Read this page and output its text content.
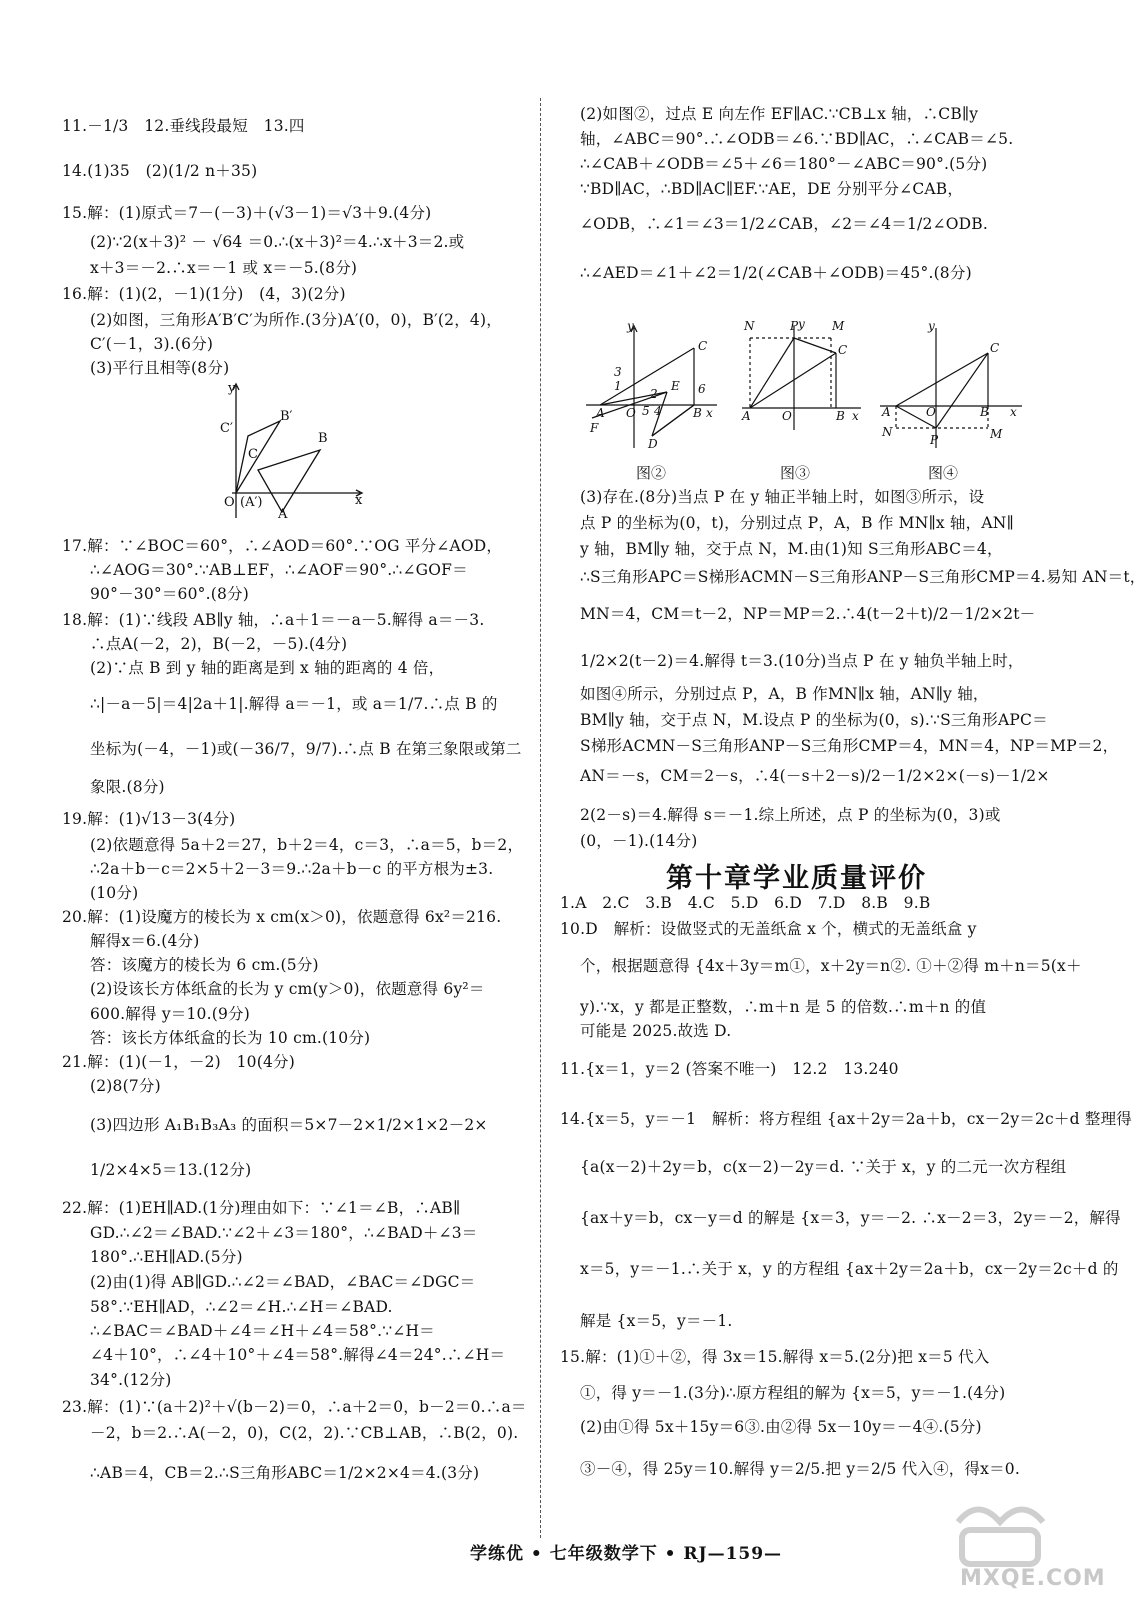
11.－1/3　12.垂线段最短　13.四
14.(1)35　(2)(1/2 n＋35)
15.解：(1)原式＝7－(－3)＋(√3－1)＝√3＋9.(4分)
(2)∵2(x＋3)² － √64 ＝0.∴(x＋3)²＝4.∴x＋3＝2.或
x＋3＝－2.∴x＝－1 或 x＝－5.(8分)
16.解：(1)(2，－1)(1分)　(4，3)(2分)
(2)如图，三角形A′B′C′为所作.(3分)A′(0，0)，B′(2，4)，
C′(－1，3).(6分)
(3)平行且相等(8分)
y
x
O (A′)
A
B
B′
C
C′
17.解：∵∠BOC＝60°，∴∠AOD＝60°.∵OG 平分∠AOD，
∴∠AOG＝30°.∵AB⊥EF，∴∠AOF＝90°.∴∠GOF＝
90°－30°＝60°.(8分)
18.解：(1)∵线段 AB∥y 轴，∴a＋1＝－a－5.解得 a＝－3.
∴点A(－2，2)，B(－2，－5).(4分)
(2)∵点 B 到 y 轴的距离是到 x 轴的距离的 4 倍，
∴|－a－5|＝4|2a＋1|.解得 a＝－1，或 a＝1/7.∴点 B 的
坐标为(－4，－1)或(－36/7，9/7).∴点 B 在第三象限或第二
象限.(8分)
19.解：(1)√13－3(4分)
(2)依题意得 5a＋2＝27，b＋2＝4，c＝3，∴a＝5，b＝2，
∴2a＋b－c＝2×5＋2－3＝9.∴2a＋b－c 的平方根为±3.
(10分)
20.解：(1)设魔方的棱长为 x cm(x＞0)，依题意得 6x²＝216.
解得x＝6.(4分)
答：该魔方的棱长为 6 cm.(5分)
(2)设该长方体纸盒的长为 y cm(y＞0)，依题意得 6y²＝
600.解得 y＝10.(9分)
答：该长方体纸盒的长为 10 cm.(10分)
21.解：(1)(－1，－2)　10(4分)
(2)8(7分)
(3)四边形 A₁B₁B₃A₃ 的面积＝5×7－2×1/2×1×2－2×
1/2×4×5＝13.(12分)
22.解：(1)EH∥AD.(1分)理由如下：∵∠1＝∠B，∴AB∥
GD.∴∠2＝∠BAD.∵∠2＋∠3＝180°，∴∠BAD＋∠3＝
180°.∴EH∥AD.(5分)
(2)由(1)得 AB∥GD.∴∠2＝∠BAD，∠BAC＝∠DGC＝
58°.∵EH∥AD，∴∠2＝∠H.∴∠H＝∠BAD.
∴∠BAC＝∠BAD＋∠4＝∠H＋∠4＝58°.∵∠H＝
∠4＋10°，∴∠4＋10°＋∠4＝58°.解得∠4＝24°.∴∠H＝
34°.(12分)
23.解：(1)∵(a＋2)²＋√(b－2)＝0，∴a＋2＝0，b－2＝0.∴a＝
－2，b＝2.∴A(－2，0)，C(2，2).∵CB⊥AB，∴B(2，0).
∴AB＝4，CB＝2.∴S三角形ABC＝1/2×2×4＝4.(3分)
(2)如图②，过点 E 向左作 EF∥AC.∵CB⊥x 轴，∴CB∥y
轴，∠ABC＝90°.∴∠ODB＝∠6.∵BD∥AC，∴∠CAB＝∠5.
∴∠CAB＋∠ODB＝∠5＋∠6＝180°－∠ABC＝90°.(5分)
∵BD∥AC，∴BD∥AC∥EF.∵AE，DE 分别平分∠CAB，
∠ODB，∴∠1＝∠3＝1/2∠CAB，∠2＝∠4＝1/2∠ODB.
∴∠AED＝∠1＋∠2＝1/2(∠CAB＋∠ODB)＝45°.(8分)
y
C
3
1	E
2
4
5
6
A O	B x
F
D
N	P	M
y
C
A	O	B x
y
C
A	O	B x
N
P	M
图②	图③	图④
(3)存在.(8分)当点 P 在 y 轴正半轴上时，如图③所示，设
点 P 的坐标为(0，t)，分别过点 P，A，B 作 MN∥x 轴，AN∥
y 轴，BM∥y 轴，交于点 N，M.由(1)知 S三角形ABC＝4，
∴S三角形APC＝S梯形ACMN－S三角形ANP－S三角形CMP＝4.易知 AN＝t，
MN＝4，CM＝t－2，NP＝MP＝2.∴4(t－2＋t)/2－1/2×2t－
1/2×2(t－2)＝4.解得 t＝3.(10分)当点 P 在 y 轴负半轴上时，
如图④所示，分别过点 P，A，B 作MN∥x 轴，AN∥y 轴，
BM∥y 轴，交于点 N，M.设点 P 的坐标为(0，s).∵S三角形APC＝
S梯形ACMN－S三角形ANP－S三角形CMP＝4，MN＝4，NP＝MP＝2，
AN＝－s，CM＝2－s，∴4(－s＋2－s)/2－1/2×2×(－s)－1/2×
2(2－s)＝4.解得 s＝－1.综上所述，点 P 的坐标为(0，3)或
(0，－1).(14分)
第十章学业质量评价
1.A　2.C　3.B　4.C　5.D　6.D　7.D　8.B　9.B
10.D　解析：设做竖式的无盖纸盒 x 个，横式的无盖纸盒 y
个，根据题意得 {4x＋3y＝m①，x＋2y＝n②. ①＋②得 m＋n＝5(x＋
y).∵x，y 都是正整数，∴m＋n 是 5 的倍数.∴m＋n 的值
可能是 2025.故选 D.
11.{x＝1，y＝2 (答案不唯一)　12.2　13.240
14.{x＝5，y＝－1　解析：将方程组 {ax＋2y＝2a＋b，cx－2y＝2c＋d 整理得
{a(x－2)＋2y＝b，c(x－2)－2y＝d. ∵关于 x，y 的二元一次方程组
{ax＋y＝b，cx－y＝d 的解是 {x＝3，y＝－2. ∴x－2＝3，2y＝－2，解得
x＝5，y＝－1.∴关于 x，y 的方程组 {ax＋2y＝2a＋b，cx－2y＝2c＋d 的
解是 {x＝5，y＝－1.
15.解：(1)①＋②，得 3x＝15.解得 x＝5.(2分)把 x＝5 代入
①，得 y＝－1.(3分)∴原方程组的解为 {x＝5，y＝－1.(4分)
(2)由①得 5x＋15y＝6③.由②得 5x－10y＝－4④.(5分)
③－④，得 25y＝10.解得 y＝2/5.把 y＝2/5 代入④，得x＝0.
学练优 • 七年级数学下 • RJ—159—
MXQE.COM
